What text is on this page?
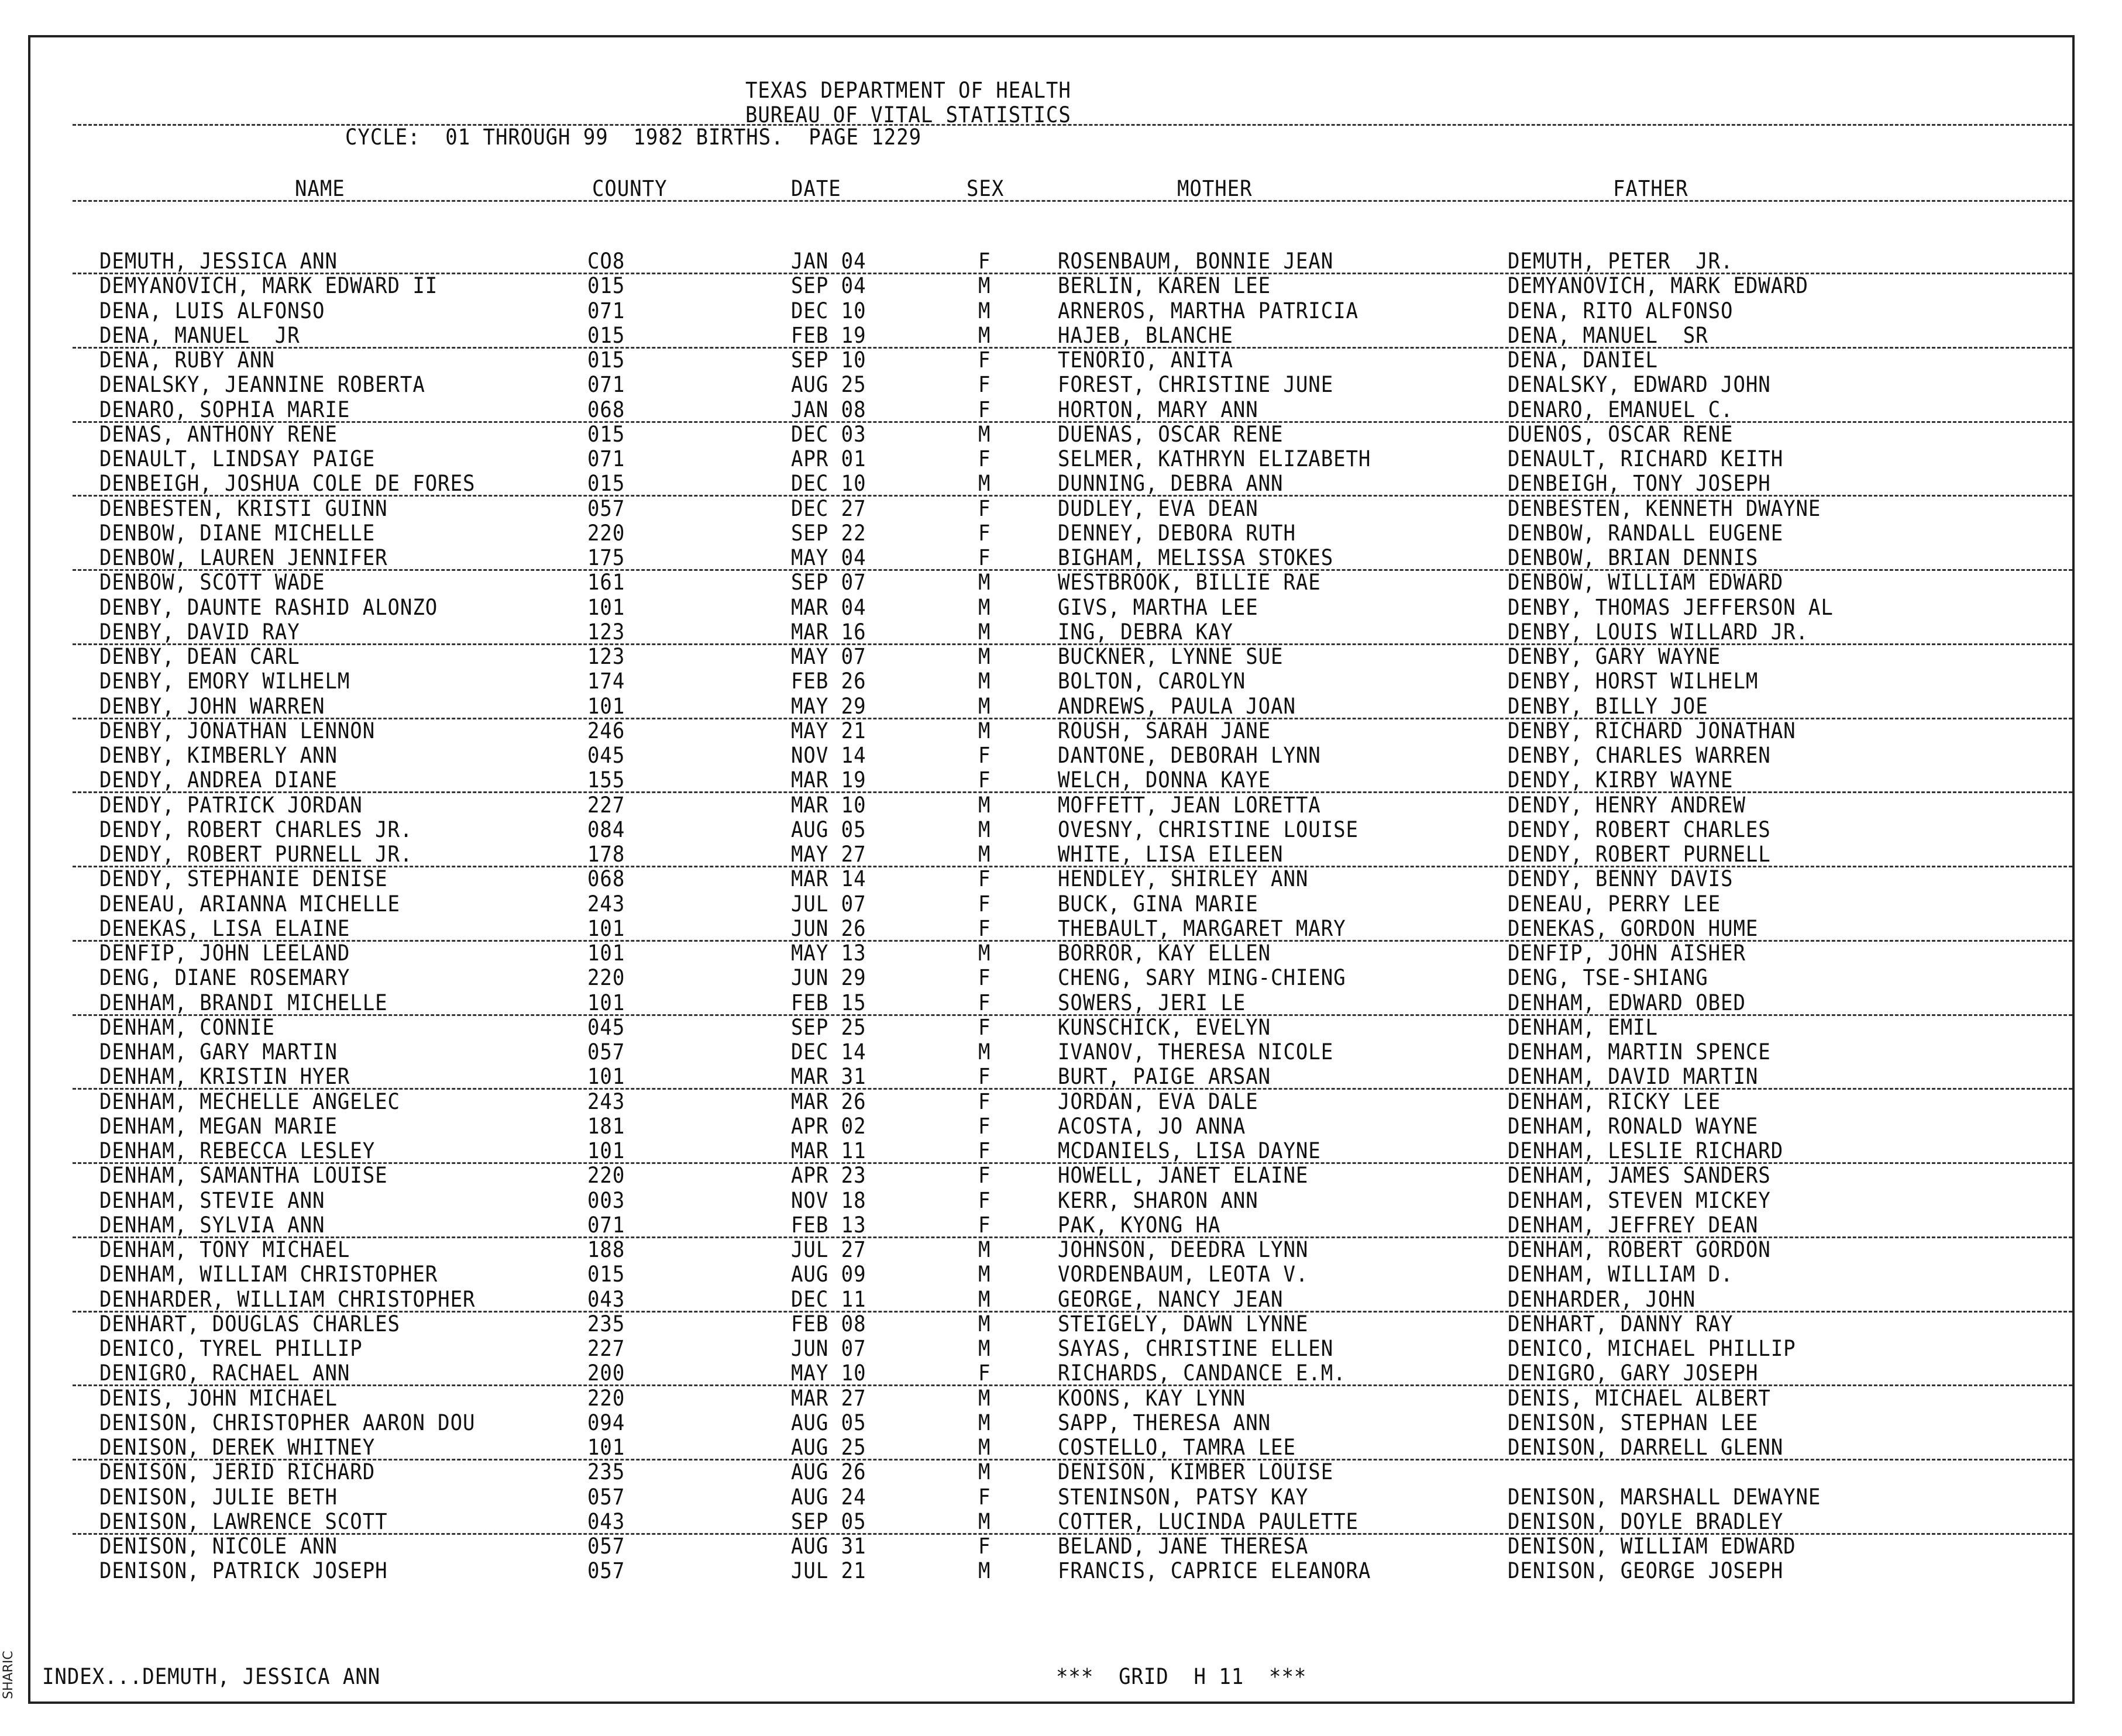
TEXAS DEPARTMENT OF HEALTH
BUREAU OF VITAL STATISTICS
CYCLE:  01 THROUGH 99  1982 BIRTHS.  PAGE 1229
NAME	COUNTY	DATE	SEX	MOTHER	FATHER
DEMUTH, JESSICA ANN	CO8	JAN 04	F	ROSENBAUM, BONNIE JEAN	DEMUTH, PETER  JR.
DEMYANOVICH, MARK EDWARD II	015	SEP 04	M	BERLIN, KAREN LEE	DEMYANOVICH, MARK EDWARD
DENA, LUIS ALFONSO	071	DEC 10	M	ARNEROS, MARTHA PATRICIA	DENA, RITO ALFONSO
DENA, MANUEL  JR	015	FEB 19	M	HAJEB, BLANCHE	DENA, MANUEL  SR
DENA, RUBY ANN	015	SEP 10	F	TENORIO, ANITA	DENA, DANIEL
DENALSKY, JEANNINE ROBERTA	071	AUG 25	F	FOREST, CHRISTINE JUNE	DENALSKY, EDWARD JOHN
DENARO, SOPHIA MARIE	068	JAN 08	F	HORTON, MARY ANN	DENARO, EMANUEL C.
DENAS, ANTHONY RENE	015	DEC 03	M	DUENAS, OSCAR RENE	DUENOS, OSCAR RENE
DENAULT, LINDSAY PAIGE	071	APR 01	F	SELMER, KATHRYN ELIZABETH	DENAULT, RICHARD KEITH
DENBEIGH, JOSHUA COLE DE FORES	015	DEC 10	M	DUNNING, DEBRA ANN	DENBEIGH, TONY JOSEPH
DENBESTEN, KRISTI GUINN	057	DEC 27	F	DUDLEY, EVA DEAN	DENBESTEN, KENNETH DWAYNE
DENBOW, DIANE MICHELLE	220	SEP 22	F	DENNEY, DEBORA RUTH	DENBOW, RANDALL EUGENE
DENBOW, LAUREN JENNIFER	175	MAY 04	F	BIGHAM, MELISSA STOKES	DENBOW, BRIAN DENNIS
DENBOW, SCOTT WADE	161	SEP 07	M	WESTBROOK, BILLIE RAE	DENBOW, WILLIAM EDWARD
DENBY, DAUNTE RASHID ALONZO	101	MAR 04	M	GIVS, MARTHA LEE	DENBY, THOMAS JEFFERSON AL
DENBY, DAVID RAY	123	MAR 16	M	ING, DEBRA KAY	DENBY, LOUIS WILLARD JR.
DENBY, DEAN CARL	123	MAY 07	M	BUCKNER, LYNNE SUE	DENBY, GARY WAYNE
DENBY, EMORY WILHELM	174	FEB 26	M	BOLTON, CAROLYN	DENBY, HORST WILHELM
DENBY, JOHN WARREN	101	MAY 29	M	ANDREWS, PAULA JOAN	DENBY, BILLY JOE
DENBY, JONATHAN LENNON	246	MAY 21	M	ROUSH, SARAH JANE	DENBY, RICHARD JONATHAN
DENBY, KIMBERLY ANN	045	NOV 14	F	DANTONE, DEBORAH LYNN	DENBY, CHARLES WARREN
DENDY, ANDREA DIANE	155	MAR 19	F	WELCH, DONNA KAYE	DENDY, KIRBY WAYNE
DENDY, PATRICK JORDAN	227	MAR 10	M	MOFFETT, JEAN LORETTA	DENDY, HENRY ANDREW
DENDY, ROBERT CHARLES JR.	084	AUG 05	M	OVESNY, CHRISTINE LOUISE	DENDY, ROBERT CHARLES
DENDY, ROBERT PURNELL JR.	178	MAY 27	M	WHITE, LISA EILEEN	DENDY, ROBERT PURNELL
DENDY, STEPHANIE DENISE	068	MAR 14	F	HENDLEY, SHIRLEY ANN	DENDY, BENNY DAVIS
DENEAU, ARIANNA MICHELLE	243	JUL 07	F	BUCK, GINA MARIE	DENEAU, PERRY LEE
DENEKAS, LISA ELAINE	101	JUN 26	F	THEBAULT, MARGARET MARY	DENEKAS, GORDON HUME
DENFIP, JOHN LEELAND	101	MAY 13	M	BORROR, KAY ELLEN	DENFIP, JOHN AISHER
DENG, DIANE ROSEMARY	220	JUN 29	F	CHENG, SARY MING-CHIENG	DENG, TSE-SHIANG
DENHAM, BRANDI MICHELLE	101	FEB 15	F	SOWERS, JERI LE	DENHAM, EDWARD OBED
DENHAM, CONNIE	045	SEP 25	F	KUNSCHICK, EVELYN	DENHAM, EMIL
DENHAM, GARY MARTIN	057	DEC 14	M	IVANOV, THERESA NICOLE	DENHAM, MARTIN SPENCE
DENHAM, KRISTIN HYER	101	MAR 31	F	BURT, PAIGE ARSAN	DENHAM, DAVID MARTIN
DENHAM, MECHELLE ANGELEC	243	MAR 26	F	JORDAN, EVA DALE	DENHAM, RICKY LEE
DENHAM, MEGAN MARIE	181	APR 02	F	ACOSTA, JO ANNA	DENHAM, RONALD WAYNE
DENHAM, REBECCA LESLEY	101	MAR 11	F	MCDANIELS, LISA DAYNE	DENHAM, LESLIE RICHARD
DENHAM, SAMANTHA LOUISE	220	APR 23	F	HOWELL, JANET ELAINE	DENHAM, JAMES SANDERS
DENHAM, STEVIE ANN	003	NOV 18	F	KERR, SHARON ANN	DENHAM, STEVEN MICKEY
DENHAM, SYLVIA ANN	071	FEB 13	F	PAK, KYONG HA	DENHAM, JEFFREY DEAN
DENHAM, TONY MICHAEL	188	JUL 27	M	JOHNSON, DEEDRA LYNN	DENHAM, ROBERT GORDON
DENHAM, WILLIAM CHRISTOPHER	015	AUG 09	M	VORDENBAUM, LEOTA V.	DENHAM, WILLIAM D.
DENHARDER, WILLIAM CHRISTOPHER	043	DEC 11	M	GEORGE, NANCY JEAN	DENHARDER, JOHN
DENHART, DOUGLAS CHARLES	235	FEB 08	M	STEIGELY, DAWN LYNNE	DENHART, DANNY RAY
DENICO, TYREL PHILLIP	227	JUN 07	M	SAYAS, CHRISTINE ELLEN	DENICO, MICHAEL PHILLIP
DENIGRO, RACHAEL ANN	200	MAY 10	F	RICHARDS, CANDANCE E.M.	DENIGRO, GARY JOSEPH
DENIS, JOHN MICHAEL	220	MAR 27	M	KOONS, KAY LYNN	DENIS, MICHAEL ALBERT
DENISON, CHRISTOPHER AARON DOU	094	AUG 05	M	SAPP, THERESA ANN	DENISON, STEPHAN LEE
DENISON, DEREK WHITNEY	101	AUG 25	M	COSTELLO, TAMRA LEE	DENISON, DARRELL GLENN
DENISON, JERID RICHARD	235	AUG 26	M	DENISON, KIMBER LOUISE
DENISON, JULIE BETH	057	AUG 24	F	STENINSON, PATSY KAY	DENISON, MARSHALL DEWAYNE
DENISON, LAWRENCE SCOTT	043	SEP 05	M	COTTER, LUCINDA PAULETTE	DENISON, DOYLE BRADLEY
DENISON, NICOLE ANN	057	AUG 31	F	BELAND, JANE THERESA	DENISON, WILLIAM EDWARD
DENISON, PATRICK JOSEPH	057	JUL 21	M	FRANCIS, CAPRICE ELEANORA	DENISON, GEORGE JOSEPH
INDEX...DEMUTH, JESSICA ANN	***  GRID  H 11  ***
SHARIC
